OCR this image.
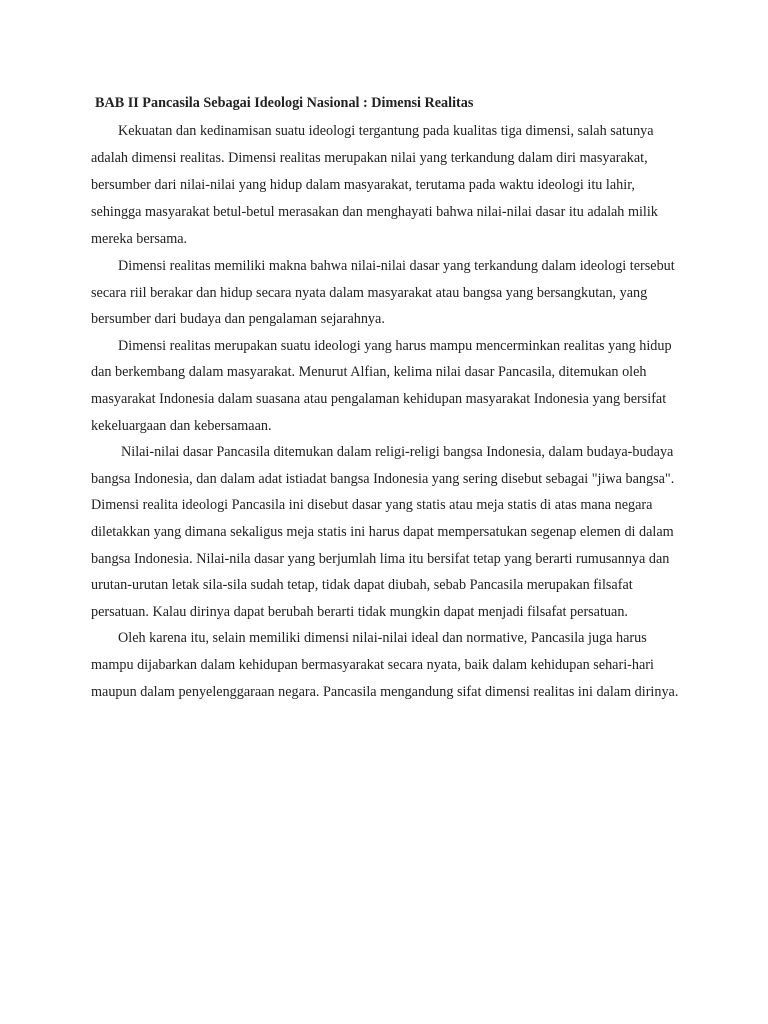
BAB II Pancasila Sebagai Ideologi Nasional : Dimensi Realitas

Kekuatan dan kedinamisan suatu ideologi tergantung pada kualitas tiga dimensi, salah satunya adalah dimensi realitas. Dimensi realitas merupakan nilai yang terkandung dalam diri masyarakat, bersumber dari nilai-nilai yang hidup dalam masyarakat, terutama pada waktu ideologi itu lahir, sehingga masyarakat betul-betul merasakan dan menghayati bahwa nilai-nilai dasar itu adalah milik mereka bersama.

Dimensi realitas memiliki makna bahwa nilai-nilai dasar yang terkandung dalam ideologi tersebut secara riil berakar dan hidup secara nyata dalam masyarakat atau bangsa yang bersangkutan, yang bersumber dari budaya dan pengalaman sejarahnya.

Dimensi realitas merupakan suatu ideologi yang harus mampu mencerminkan realitas yang hidup dan berkembang dalam masyarakat. Menurut Alfian, kelima nilai dasar Pancasila, ditemukan oleh masyarakat Indonesia dalam suasana atau pengalaman kehidupan masyarakat Indonesia yang bersifat kekeluargaan dan kebersamaan.

Nilai-nilai dasar Pancasila ditemukan dalam religi-religi bangsa Indonesia, dalam budaya-budaya bangsa Indonesia, dan dalam adat istiadat bangsa Indonesia yang sering disebut sebagai "jiwa bangsa". Dimensi realita ideologi Pancasila ini disebut dasar yang statis atau meja statis di atas mana negara diletakkan yang dimana sekaligus meja statis ini harus dapat mempersatukan segenap elemen di dalam bangsa Indonesia. Nilai-nila dasar yang berjumlah lima itu bersifat tetap yang berarti rumusannya dan urutan-urutan letak sila-sila sudah tetap, tidak dapat diubah, sebab Pancasila merupakan filsafat persatuan. Kalau dirinya dapat berubah berarti tidak mungkin dapat menjadi filsafat persatuan.

Oleh karena itu, selain memiliki dimensi nilai-nilai ideal dan normative, Pancasila juga harus mampu dijabarkan dalam kehidupan bermasyarakat secara nyata, baik dalam kehidupan sehari-hari maupun dalam penyelenggaraan negara. Pancasila mengandung sifat dimensi realitas ini dalam dirinya.
